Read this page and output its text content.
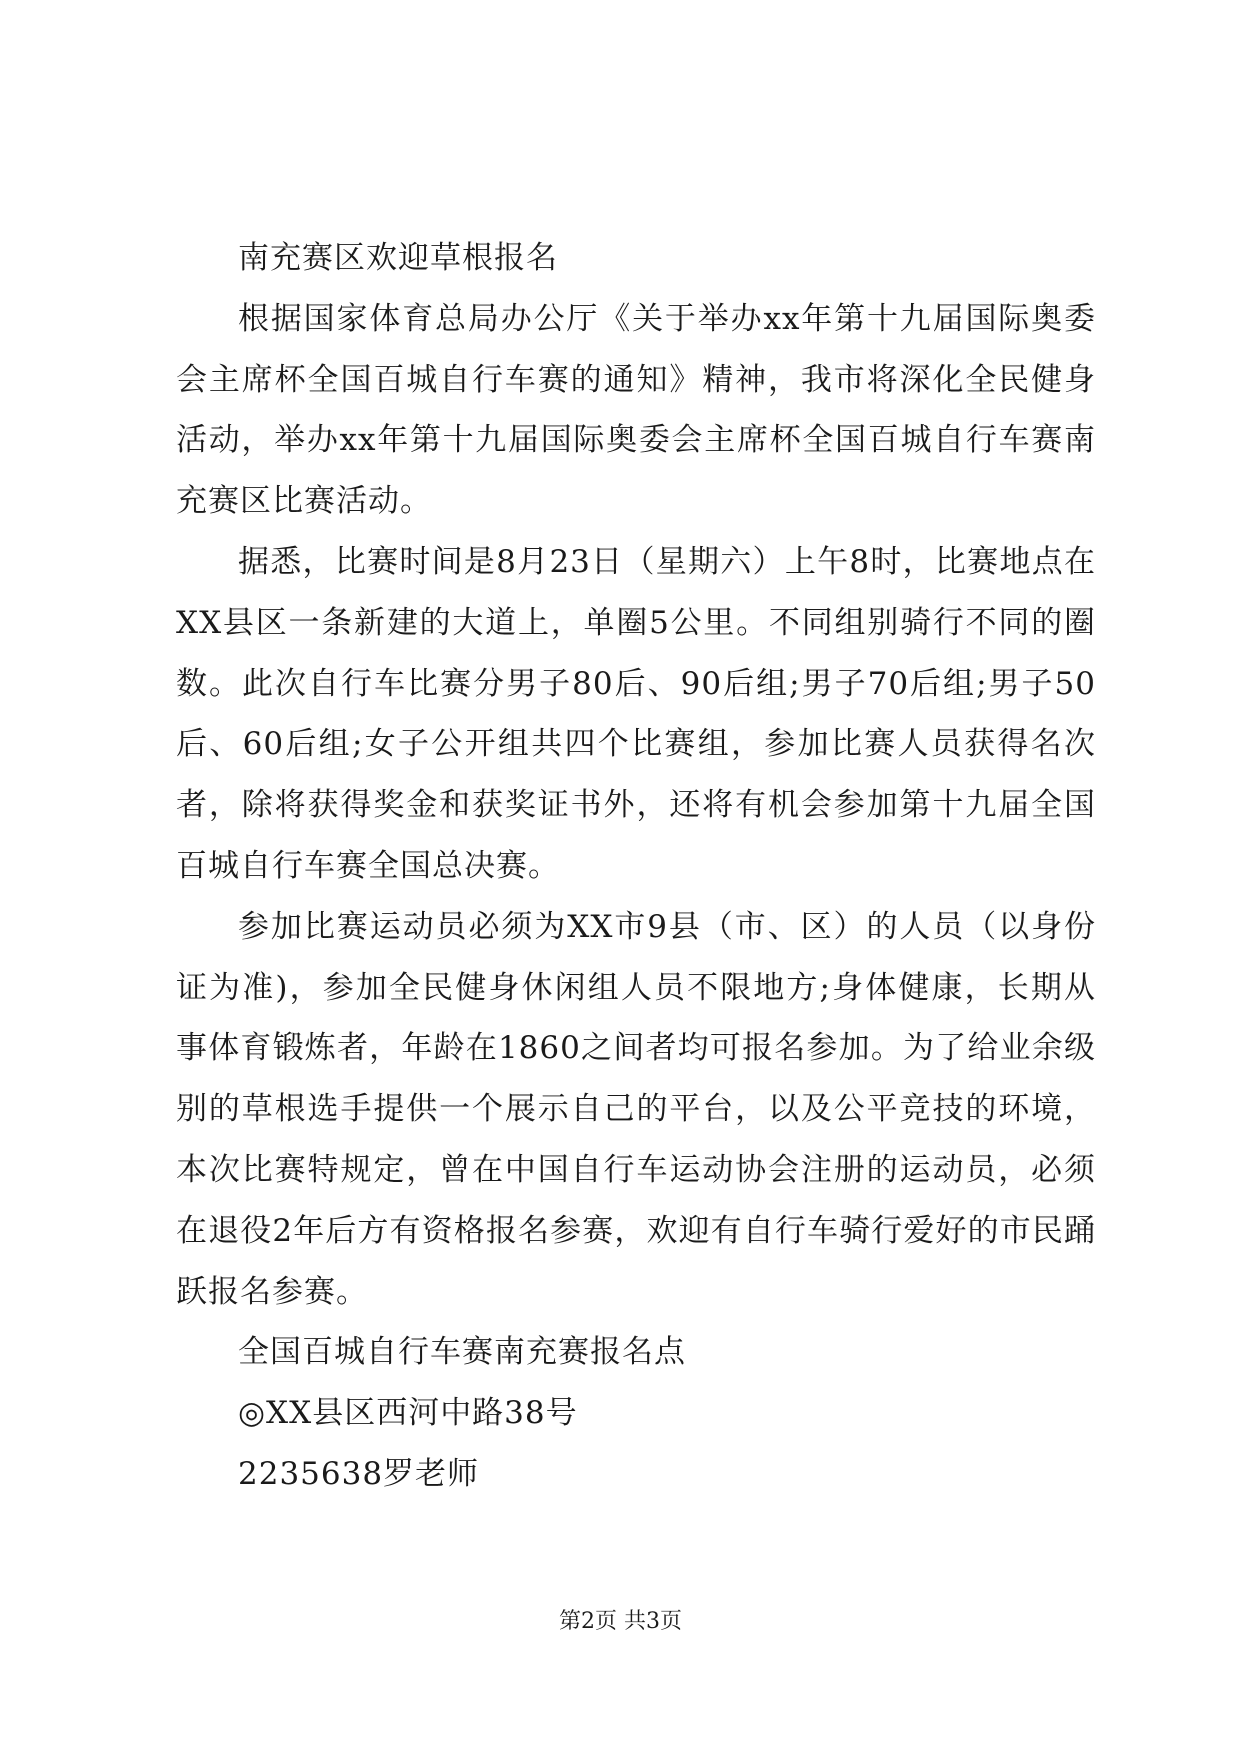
南充赛区欢迎草根报名

根据国家体育总局办公厅《关于举办xx年第十九届国际奥委会主席杯全国百城自行车赛的通知》精神，我市将深化全民健身活动，举办xx年第十九届国际奥委会主席杯全国百城自行车赛南充赛区比赛活动。

据悉，比赛时间是8月23日（星期六）上午8时，比赛地点在XX县区一条新建的大道上，单圈5公里。不同组别骑行不同的圈数。此次自行车比赛分男子80后、90后组;男子70后组;男子50后、60后组;女子公开组共四个比赛组，参加比赛人员获得名次者，除将获得奖金和获奖证书外，还将有机会参加第十九届全国百城自行车赛全国总决赛。

参加比赛运动员必须为XX市9县（市、区）的人员（以身份证为准)，参加全民健身休闲组人员不限地方;身体健康，长期从事体育锻炼者，年龄在1860之间者均可报名参加。为了给业余级别的草根选手提供一个展示自己的平台，以及公平竞技的环境，本次比赛特规定，曾在中国自行车运动协会注册的运动员，必须在退役2年后方有资格报名参赛，欢迎有自行车骑行爱好的市民踊跃报名参赛。

全国百城自行车赛南充赛报名点

◎XX县区西河中路38号

2235638罗老师

第2页 共3页
